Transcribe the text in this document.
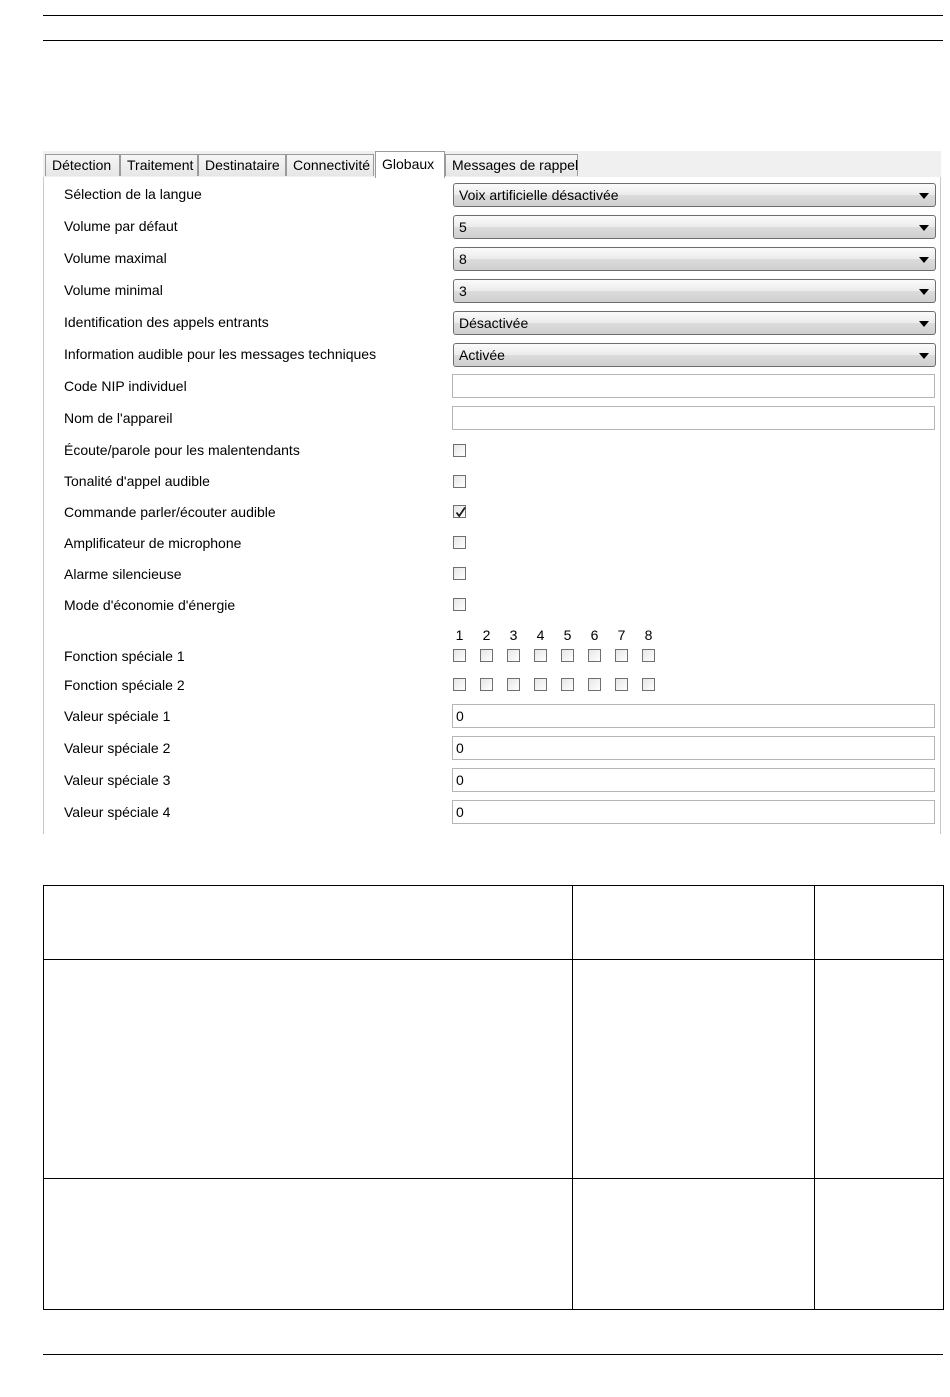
Détection	Traitement Destinataire Connectivité Globaux	Messages de rappel
Sélection de la langue	Voix artificielle désactivée
Volume par défaut	5
Volume maximal	8
Volume minimal	3
Identification des appels entrants	Désactivée
Information audible pour les messages techniques	Activée
Code NIP individuel
Nom de l'appareil
Écoute/parole pour les malentendants
Tonalité d'appel audible
Commande parler/écouter audible
Amplificateur de microphone
Alarme silencieuse
Mode d'économie d'énergie
1 2 3 4 5 6 7 8
Fonction spéciale 1
Fonction spéciale 2
Valeur spéciale 1	0
Valeur spéciale 2	0
Valeur spéciale 3	0
Valeur spéciale 4	0
